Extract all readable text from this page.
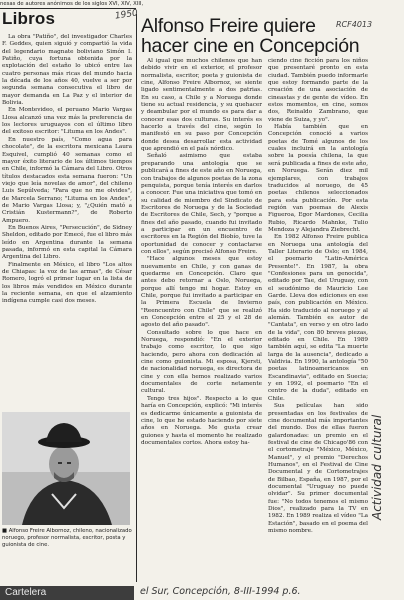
nesas de autores anónimos de los siglos XVI, XIV, XIII,
Libros	1950
RCF4013
Alfonso Freire quiere
hacer cine en Concepción

La obra "Patiño", del investigador Charles F. Geddes, quien siguió y compartió la vida del legendario magnate boliviano Simón I. Patiño, cuya fortuna obtenida por la explotación del estaño lo ubicó entre las cuatro personas más ricas del mundo hacia la década de los años 40, vuelve a ser por segunda semana consecutiva el libro de mayor demanda en La Paz y el interior de Bolivia.

En Montevideo, el peruano Mario Vargas Llosa alcanzó una vez más la preferencia de los lectores uruguayos con el último libro del exitoso escritor: "Lituma en los Andes".

En nuestro país, "Como agua para chocolate", de la escritora mexicana Laura Esquivel, cumplió 40 semanas como el mayor éxito literario de los últimos tiempos en Chile, informó la Cámara del Libro. Otros títulos destacados esta semana fueron: "Un viejo que leía novelas de amor", del chileno Luis Sepúlveda; "Para que no me olvides", de Marcela Serrano; "Lituma en los Andes", de Mario Vargas Llosa; y, "¿Quién mató a Cristián Kustermann?", de Roberto Ampuero.

En Buenos Aires, "Persecución", de Sidney Sheldon, editado por Emecé, fue el libro más leído en Argentina durante la semana pasada, informó en esta capital la Cámara Argentina del Libro.

Finalmente en México, el libro "Los altos de Chiapas: la voz de las armas", de César Romero, logró el primer lugar en la lista de los libros más vendidos en México durante la reciente semana, en que el alzamiento indígena cumple casi dos meses.

■ Alfonso Freire Albornoz, chileno, nacionalizado noruego, profesor normalista, escritor, posta y guionista de cine.
Cartelera

Al igual que muchos chilenos que han debido vivir en el exterior, el profesor normalista, escritor, poeta y guionista de cine, Alfonso Freire Albornoz, se siente ligado sentimentalmente a dos patrias. En su caso, a Chile y a Noruega donde tiene su actual residencia, y su quehacer y deambular por el mundo es para dar a conocer esas dos culturas. Su interés es hacerlo a través del cine, según lo manifestó en su paso por Concepción donde desea desarrollar esta actividad que aprendió en el país nórdico.

Señaló asimismo que estaba preparando una antología que se publicará a fines de este año en Noruega, con trabajos de algunos poetas de la zona penquista, porque tenía interés en darlos a conocer. Fue una iniciativa que tomó en su calidad de miembro del Sindicato de Escritores de Noruega y de la Sociedad de Escritores de Chile, Sech, y "porque a fines del año pasado, cuando fui invitado a participar en un encuentro de escritores en la Región del Biobío, tuve la oportunidad de conocer y contactarse con ellos", según precisó Alfonso Freire.

"Hace algunos meses que estoy nuevamente en Chile, y con ganas de quedarme en Concepción. Claro que antes debo retornar a Oslo, Noruega, porque allí tengo mi hogar. Estoy en Chile, porque fui invitado a participar en la Primera Escuela de Invierno "Reencuentro con Chile" que se realizó en Concepción entre el 25 y el 28 de agosto del año pasado".

Consultado sobre lo que hace en Noruega, respondió: "En el exterior trabajo como escritor, lo que sigo haciendo, pero ahora con dedicación al cine como guionista. Mi esposa, Kjersti, de nacionalidad noruega, es directora de cine y con ella hemos realizado varios documentales de corte netamente cultural.

Tengo tres hijos". Respecto a lo que haría en Concepción, explicó: "Mi interés es dedicarme únicamente a guionista de cine, lo que he estado haciendo por siete años en Noruega. Me gusta crear guiones y hasta el momento he realizado documentales cortos. Ahora estoy ha-

ciendo cine ficción para los niños que presentaré pronto en esta ciudad. También puedo informarle que estoy formando parte de la creación de una asociación de cineastas y de gente de vídeo. En estos momentos, en cine, somos dos, Reinaldo Zambrano, que viene de Suiza, y yo".

Había también que en Concepción conoció a varios poetas de Tomé algunos de los cuales incluirá en la antología sobre la poesía chilena, la que será publicada a fines de este año, en Noruega. Serán diez mil ejemplares, con trabajos traducidos al noruego, de 45 poetas chilenos seleccionados para esta publicación. Por esta región van poemas de Alexis Figueroa, Egor Mardones, Cecilia Rubio, Ricardo Mahnke, Tulio Mendoza y Alejandra Ziebrecht.

En 1982 Alfonso Freire publica en Noruega una antología del Taller Literario de Oslo; en 1984, el poemario "Latin-América Presente!". En 1987, la obra "Confesiones para un genocida", editado por Tae, del Uruguay, con el seudónimo de Mauricio Lee Garde. Lleva dos ediciones en ese país, con publicación en México. Ha sido traducido al noruego y al alemán. También es autor de "Cantata", en verso y en otro lado de la vida", con 80 breves piezas, editado en Chile. En 1989 también aquí, se edita "La muerte larga de la ausencia", dedicado a Valdivia. En 1990, la antología "50 poetas latinoamericanos en Escandinavia", editado en Suecia; y en 1992, el poemario "En el centro de la duda", editado en Chile.

Sus películas han sido presentadas en los festivales de cine documental más importantes del mundo. Dos de ellas fueron galardonadas: un premio en el festival de cine de Chicago'86 con el cortometraje "México, México, Manuel", y el premio "Derechos Humanos", en el Festival de Cine Documental y de Cortometrajes de Bilbao, España, en 1987, por el documental "Uruguay no puede olvidar". Su primer documental fue: "No todos tenemos el mismo Dios", realizado para la TV en 1982. En 1989 realiza el vídeo "La Estación", basado en el poema del mismo nombre.

Actividad cultural
el Sur, Concepción, 8-III-1994 p.6.
